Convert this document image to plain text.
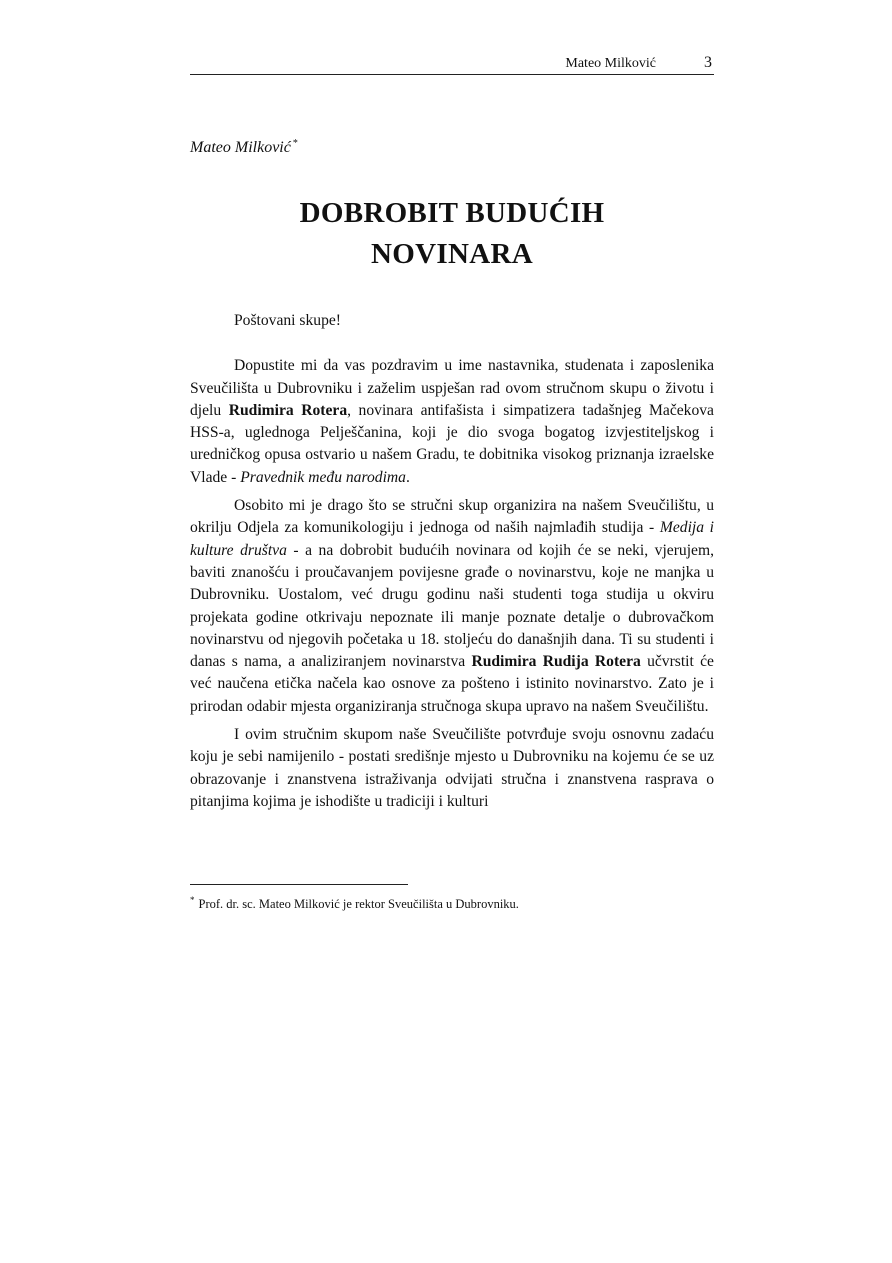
Mateo Milković	3
Mateo Milković *
DOBROBIT BUDUĆIH
NOVINARA

Poštovani skupe!

Dopustite mi da vas pozdravim u ime nastavnika, studenata i zaposlenika Sveučilišta u Dubrovniku i zaželim uspješan rad ovom stručnom skupu o životu i djelu Rudimira Rotera, novinara antifašista i simpatizera tadašnjeg Mačekova HSS-a, uglednoga Pelješčanina, koji je dio svoga bogatog izvjestiteljskog i uredničkog opusa ostvario u našem Gradu, te dobitnika visokog priznanja izraelske Vlade - Pravednik među narodima.

Osobito mi je drago što se stručni skup organizira na našem Sveučilištu, u okrilju Odjela za komunikologiju i jednoga od naših najmlađih studija - Medija i kulture društva - a na dobrobit budućih novinara od kojih će se neki, vjerujem, baviti znanošću i proučavanjem povijesne građe o novinarstvu, koje ne manjka u Dubrovniku. Uostalom, već drugu godinu naši studenti toga studija u okviru projekata godine otkrivaju nepoznate ili manje poznate detalje o dubrovačkom novinarstvu od njegovih početaka u 18. stoljeću do današnjih dana. Ti su studenti i danas s nama, a analiziranjem novinarstva Rudimira Rudija Rotera učvrstit će već naučena etička načela kao osnove za pošteno i istinito novinarstvo. Zato je i prirodan odabir mjesta organiziranja stručnoga skupa upravo na našem Sveučilištu.

I ovim stručnim skupom naše Sveučilište potvrđuje svoju osnovnu zadaću koju je sebi namijenilo - postati središnje mjesto u Dubrovniku na kojemu će se uz obrazovanje i znanstvena istraživanja odvijati stručna i znanstvena rasprava o pitanjima kojima je ishodište u tradiciji i kulturi

* Prof. dr. sc. Mateo Milković je rektor Sveučilišta u Dubrovniku.
